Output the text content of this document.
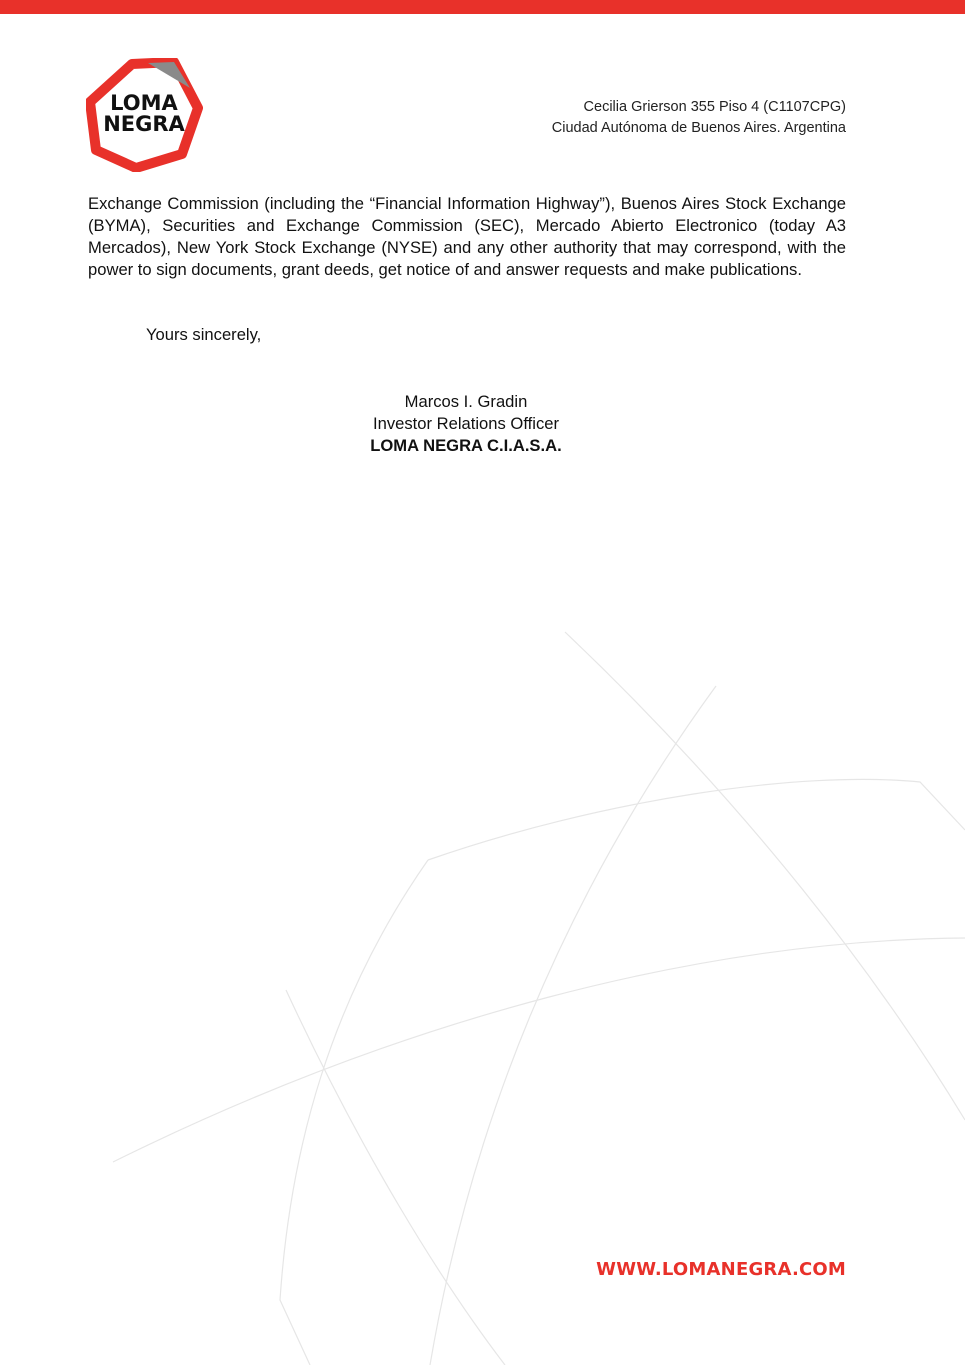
LOMA
NEGRA
Cecilia Grierson 355 Piso 4 (C1107CPG)
Ciudad Autónoma de Buenos Aires. Argentina
Exchange Commission (including the “Financial Information Highway”), Buenos Aires Stock Exchange (BYMA), Securities and Exchange Commission (SEC), Mercado Abierto Electronico (today A3 Mercados), New York Stock Exchange (NYSE) and any other authority that may correspond, with the power to sign documents, grant deeds, get notice of and answer requests and make publications.
Yours sincerely,
Marcos I. Gradin
Investor Relations Officer
LOMA NEGRA C.I.A.S.A.
WWW.LOMANEGRA.COM
